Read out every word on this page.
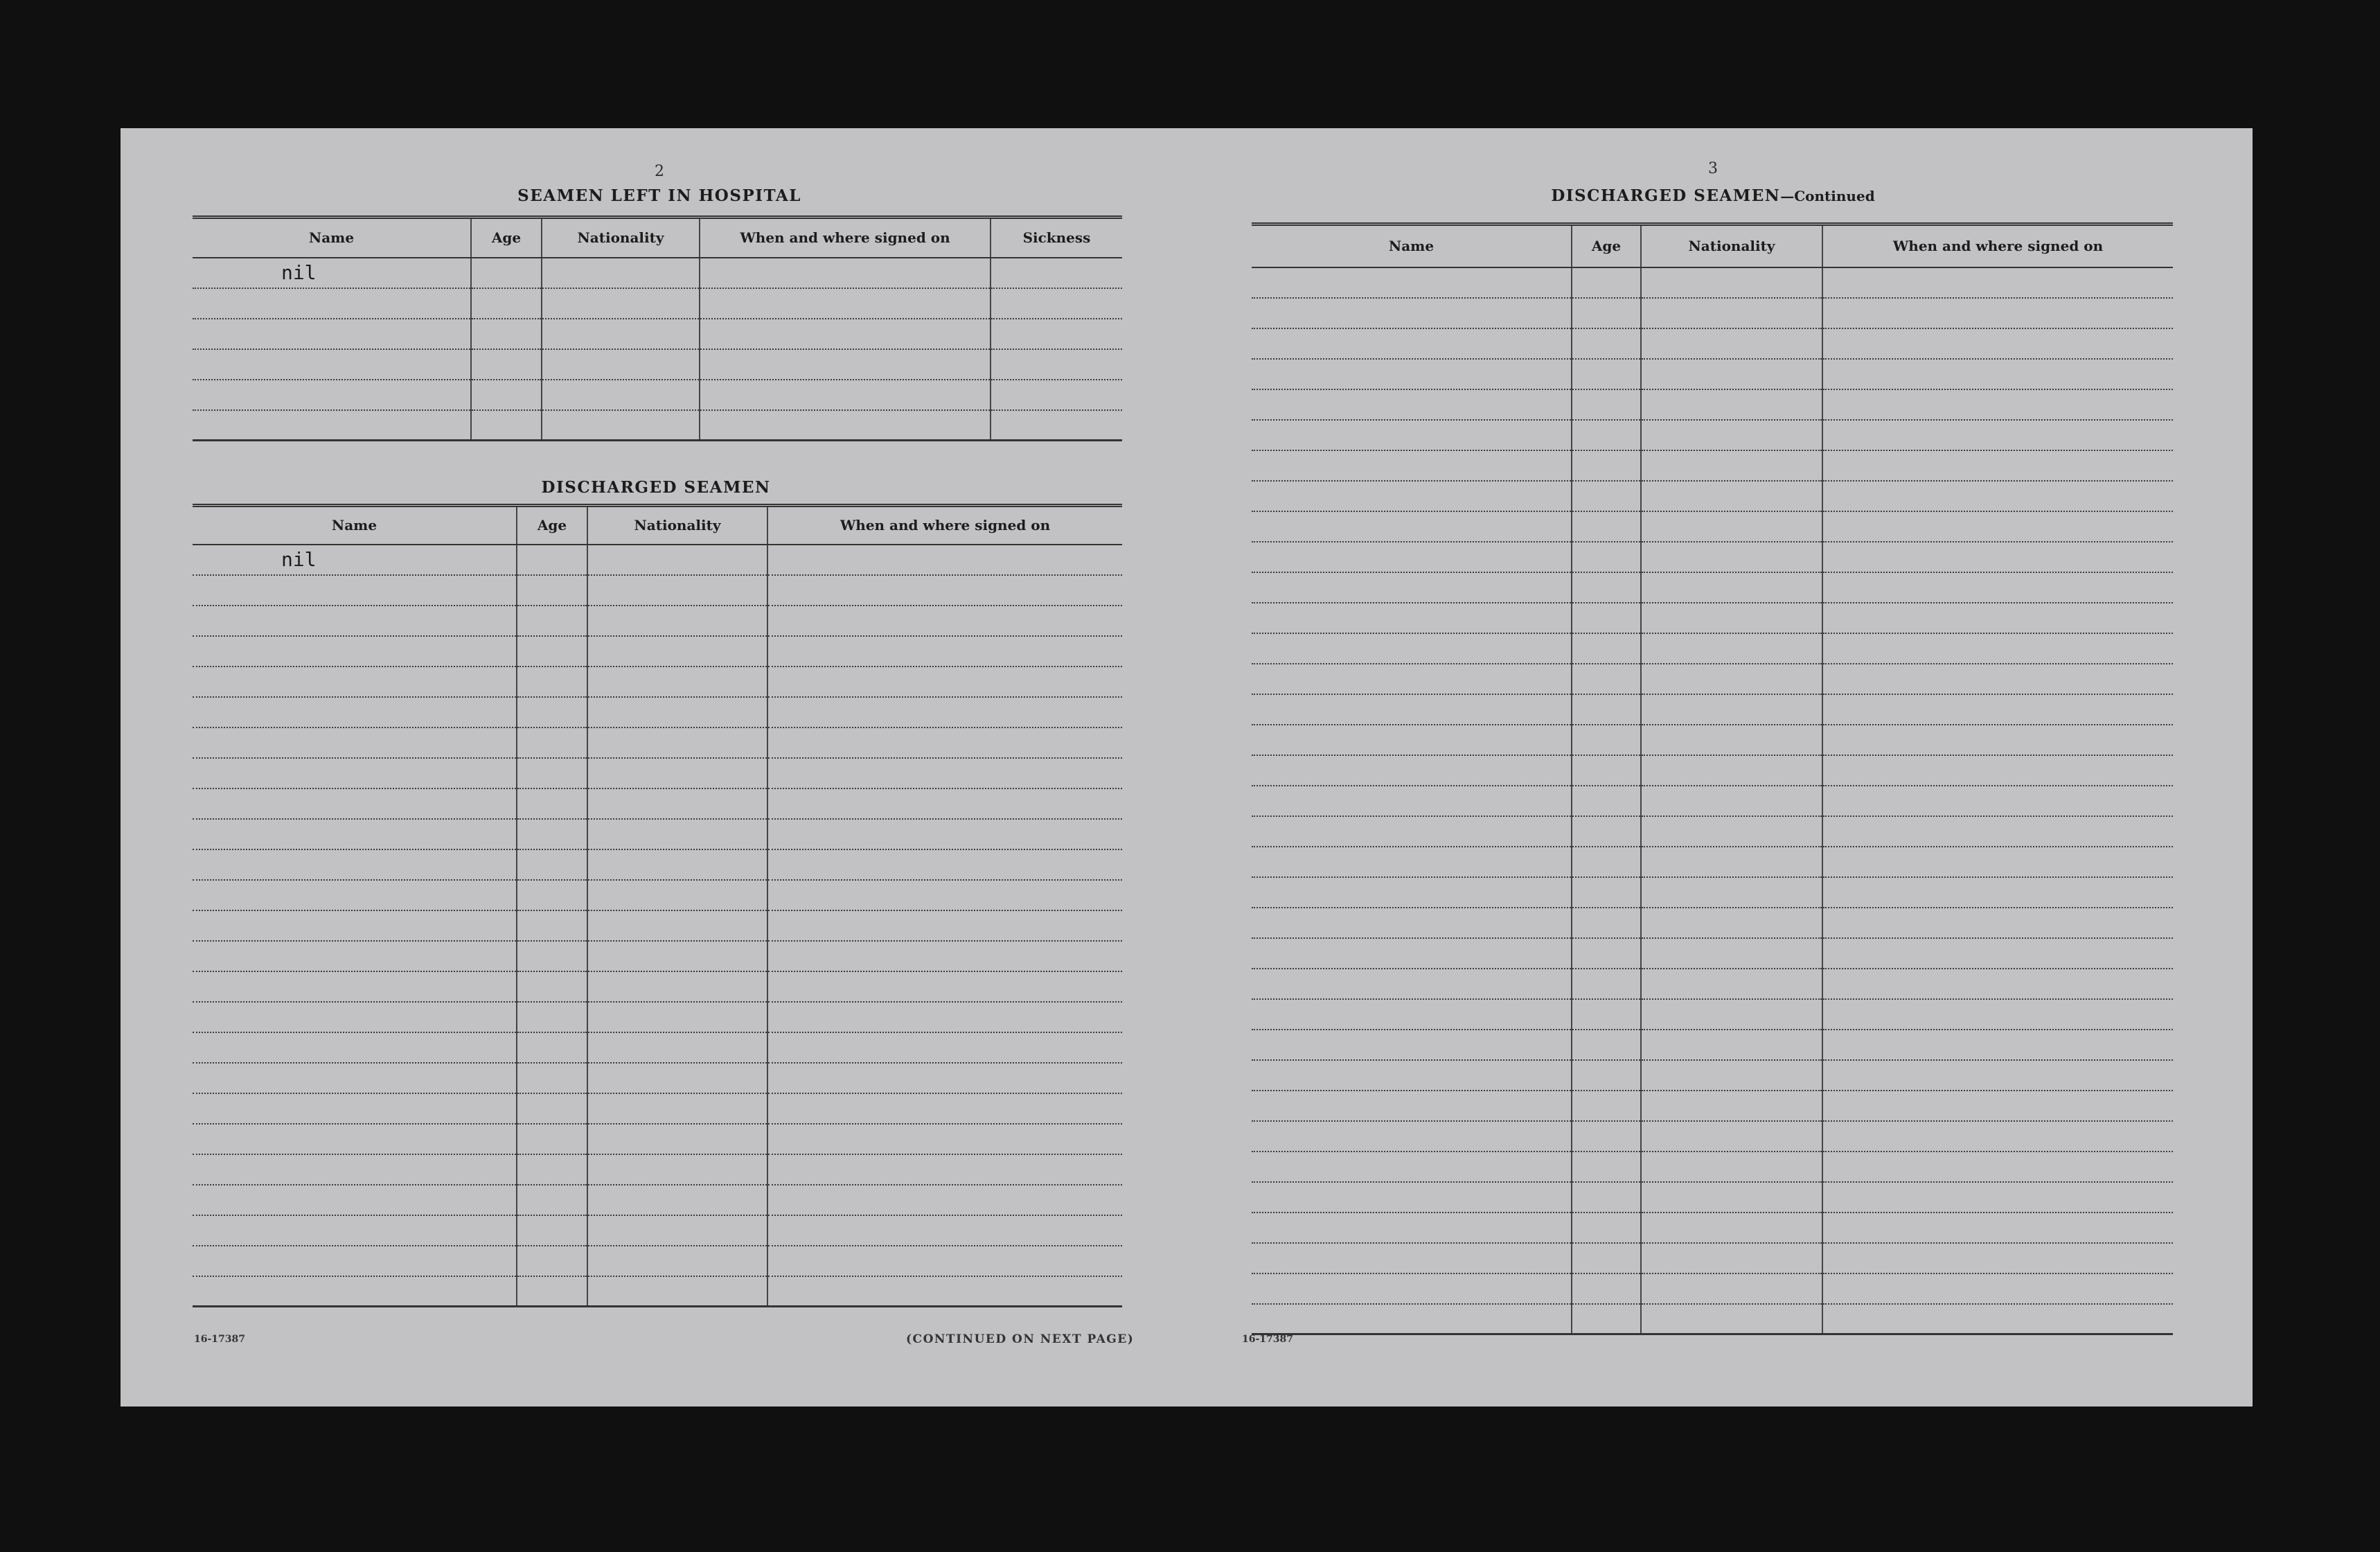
2
SEAMEN LEFT IN HOSPITAL
Name	Age	Nationality	When and where signed on	Sickness
nil				

DISCHARGED SEAMEN
Name	Age	Nationality	When and where signed on
nil			

16-17387	(CONTINUED ON NEXT PAGE)
3
DISCHARGED SEAMEN—Continued
Name	Age	Nationality	When and where signed on

16-17387
